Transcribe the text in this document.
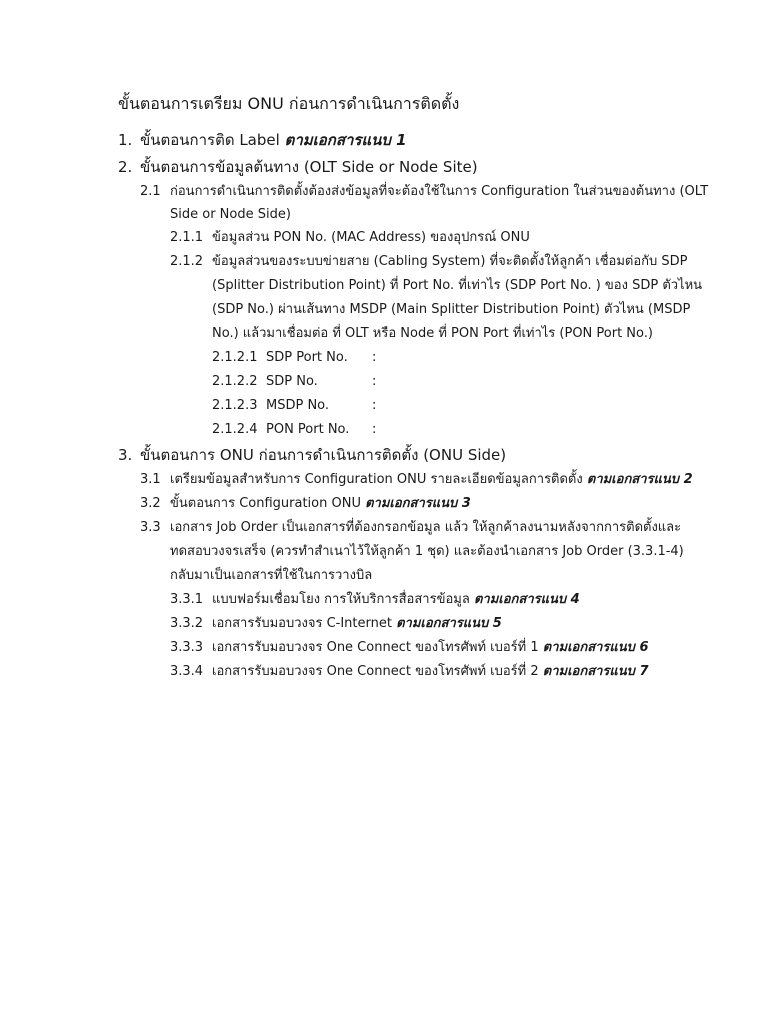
ขั้นตอนการเตรียม ONU ก่อนการดำเนินการติดตั้ง
1. ขั้นตอนการติด Label ตามเอกสารแนบ 1
2. ขั้นตอนการข้อมูลต้นทาง (OLT Side or Node Site)
2.1 ก่อนการดำเนินการติดตั้งต้องส่งข้อมูลที่จะต้องใช้ในการ Configuration ในส่วนของต้นทาง (OLT
Side or Node Side)
2.1.1 ข้อมูลส่วน PON No. (MAC Address) ของอุปกรณ์ ONU
2.1.2 ข้อมูลส่วนของระบบข่ายสาย (Cabling System) ที่จะติดตั้งให้ลูกค้า เชื่อมต่อกับ SDP
(Splitter Distribution Point) ที่ Port No. ที่เท่าไร (SDP Port No. ) ของ SDP ตัวไหน
(SDP No.) ผ่านเส้นทาง MSDP (Main Splitter Distribution Point) ตัวไหน (MSDP
No.) แล้วมาเชื่อมต่อ ที่ OLT หรือ Node ที่ PON Port ที่เท่าไร (PON Port No.)
2.1.2.1 SDP Port No. :
2.1.2.2 SDP No.	:
2.1.2.3 MSDP No.	:
2.1.2.4 PON Port No. :
3. ขั้นตอนการ ONU ก่อนการดำเนินการติดตั้ง (ONU Side)
3.1 เตรียมข้อมูลสำหรับการ Configuration ONU รายละเอียดข้อมูลการติดตั้ง ตามเอกสารแนบ 2
3.2 ขั้นตอนการ Configuration ONU ตามเอกสารแนบ 3
3.3 เอกสาร Job Order เป็นเอกสารที่ต้องกรอกข้อมูล แล้ว ให้ลูกค้าลงนามหลังจากการติดตั้งและ
ทดสอบวงจรเสร็จ (ควรทำสำเนาไว้ให้ลูกค้า 1 ชุด) และต้องนำเอกสาร Job Order (3.3.1-4)
กลับมาเป็นเอกสารที่ใช้ในการวางบิล
3.3.1 แบบฟอร์มเชื่อมโยง การให้บริการสื่อสารข้อมูล ตามเอกสารแนบ 4
3.3.2 เอกสารรับมอบวงจร C-Internet ตามเอกสารแนบ 5
3.3.3 เอกสารรับมอบวงจร One Connect ของโทรศัพท์ เบอร์ที่ 1 ตามเอกสารแนบ 6
3.3.4 เอกสารรับมอบวงจร One Connect ของโทรศัพท์ เบอร์ที่ 2 ตามเอกสารแนบ 7
